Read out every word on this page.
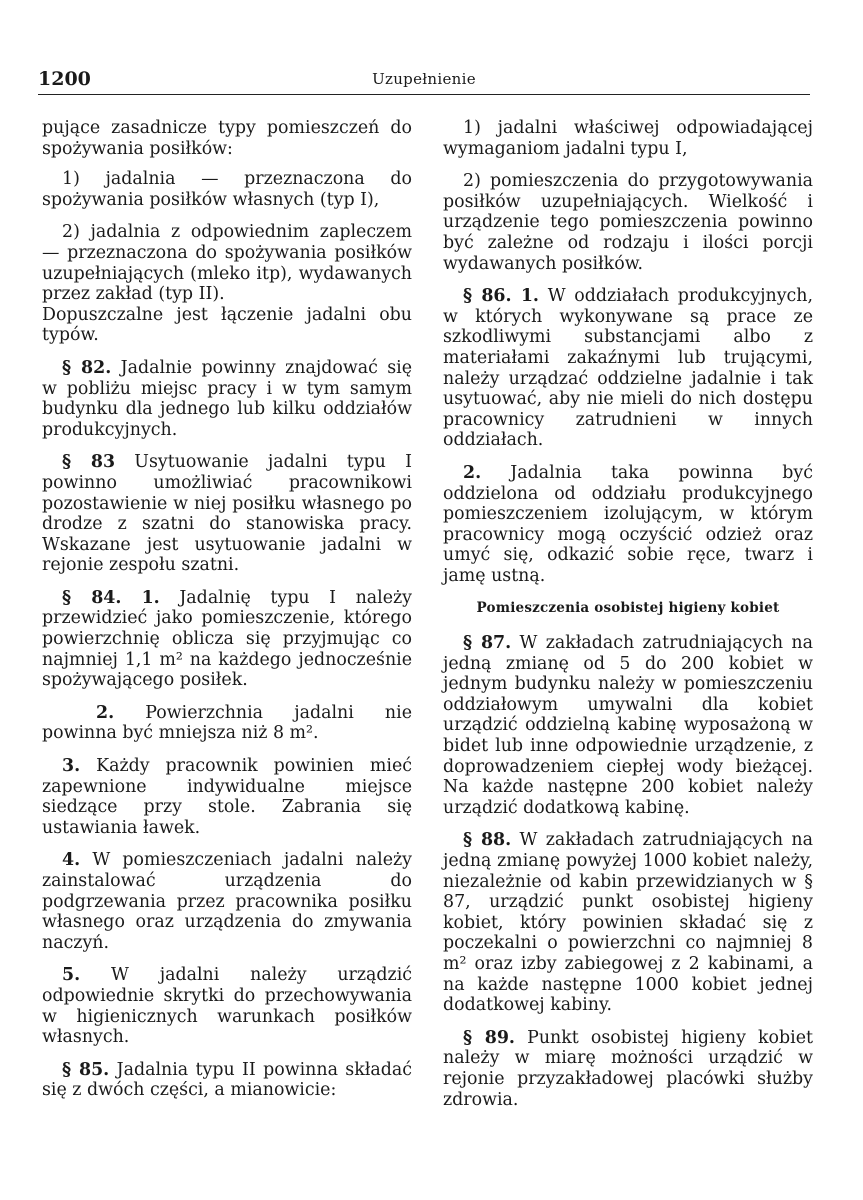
1200	Uzupełnienie

pujące zasadnicze typy pomieszczeń do spożywania posiłków:

1) jadalnia — przeznaczona do spożywania posiłków własnych (typ I),

2) jadalnia z odpowiednim zapleczem — przeznaczona do spożywania posiłków uzupełniających (mleko itp), wydawanych przez zakład (typ II).

Dopuszczalne jest łączenie jadalni obu typów.

§ 82. Jadalnie powinny znajdować się w pobliżu miejsc pracy i w tym samym budynku dla jednego lub kilku oddziałów produkcyjnych.

§ 83 Usytuowanie jadalni typu I powinno umożliwiać pracownikowi pozostawienie w niej posiłku własnego po drodze z szatni do stanowiska pracy. Wskazane jest usytuowanie jadalni w rejonie zespołu szatni.

§ 84. 1. Jadalnię typu I należy przewidzieć jako pomieszczenie, którego powierzchnię oblicza się przyjmując co najmniej 1,1 m² na każdego jednocześnie spożywającego posiłek.

2. Powierzchnia jadalni nie powinna być mniejsza niż 8 m².

3. Każdy pracownik powinien mieć zapewnione indywidualne miejsce siedzące przy stole. Zabrania się ustawiania ławek.

4. W pomieszczeniach jadalni należy zainstalować urządzenia do podgrzewania przez pracownika posiłku własnego oraz urządzenia do zmywania naczyń.

5. W jadalni należy urządzić odpowiednie skrytki do przechowywania w higienicznych warunkach posiłków własnych.

§ 85. Jadalnia typu II powinna składać się z dwóch części, a mianowicie:

1) jadalni właściwej odpowiadającej wymaganiom jadalni typu I,

2) pomieszczenia do przygotowywania posiłków uzupełniających. Wielkość i urządzenie tego pomieszczenia powinno być zależne od rodzaju i ilości porcji wydawanych posiłków.

§ 86. 1. W oddziałach produkcyjnych, w których wykonywane są prace ze szkodliwymi substancjami albo z materiałami zakaźnymi lub trującymi, należy urządzać oddzielne jadalnie i tak usytuować, aby nie mieli do nich dostępu pracownicy zatrudnieni w innych oddziałach.

2. Jadalnia taka powinna być oddzielona od oddziału produkcyjnego pomieszczeniem izolującym, w którym pracownicy mogą oczyścić odzież oraz umyć się, odkazić sobie ręce, twarz i jamę ustną.

Pomieszczenia osobistej higieny kobiet

§ 87. W zakładach zatrudniających na jedną zmianę od 5 do 200 kobiet w jednym budynku należy w pomieszczeniu oddziałowym umywalni dla kobiet urządzić oddzielną kabinę wyposażoną w bidet lub inne odpowiednie urządzenie, z doprowadzeniem ciepłej wody bieżącej. Na każde następne 200 kobiet należy urządzić dodatkową kabinę.

§ 88. W zakładach zatrudniających na jedną zmianę powyżej 1000 kobiet należy, niezależnie od kabin przewidzianych w § 87, urządzić punkt osobistej higieny kobiet, który powinien składać się z poczekalni o powierzchni co najmniej 8 m² oraz izby zabiegowej z 2 kabinami, a na każde następne 1000 kobiet jednej dodatkowej kabiny.

§ 89. Punkt osobistej higieny kobiet należy w miarę możności urządzić w rejonie przyzakładowej placówki służby zdrowia.
